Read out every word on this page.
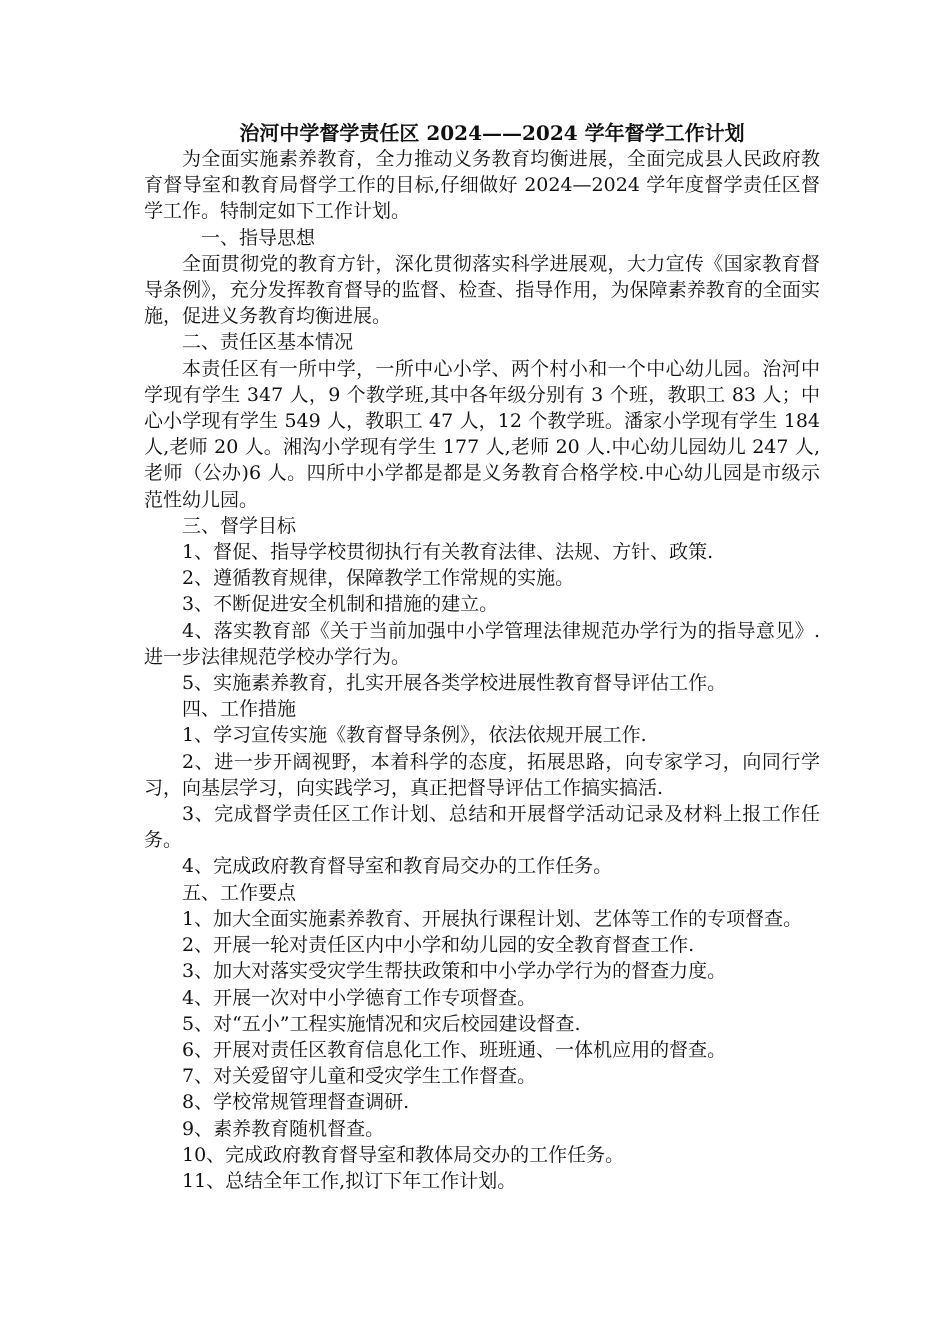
治河中学督学责任区 2024——2024 学年督学工作计划

为全面实施素养教育，全力推动义务教育均衡进展，全面完成县人民政府教育督导室和教育局督学工作的目标,仔细做好 2024—2024 学年度督学责任区督学工作。特制定如下工作计划。

一、指导思想

全面贯彻党的教育方针，深化贯彻落实科学进展观，大力宣传《国家教育督导条例》，充分发挥教育督导的监督、检查、指导作用，为保障素养教育的全面实施，促进义务教育均衡进展。

二、责任区基本情况

本责任区有一所中学，一所中心小学、两个村小和一个中心幼儿园。治河中学现有学生 347 人，9 个教学班,其中各年级分别有 3 个班，教职工 83 人；中心小学现有学生 549 人，教职工 47 人，12 个教学班。潘家小学现有学生 184 人,老师 20 人。湘沟小学现有学生 177 人,老师 20 人.中心幼儿园幼儿 247 人,老师（公办)6 人。四所中小学都是都是义务教育合格学校.中心幼儿园是市级示范性幼儿园。

三、督学目标

1、督促、指导学校贯彻执行有关教育法律、法规、方针、政策.

2、遵循教育规律，保障教学工作常规的实施。

3、不断促进安全机制和措施的建立。

4、落实教育部《关于当前加强中小学管理法律规范办学行为的指导意见》.进一步法律规范学校办学行为。

5、实施素养教育，扎实开展各类学校进展性教育督导评估工作。

四、工作措施

1、学习宣传实施《教育督导条例》，依法依规开展工作.

2、进一步开阔视野，本着科学的态度，拓展思路，向专家学习，向同行学习，向基层学习，向实践学习，真正把督导评估工作搞实搞活.

3、完成督学责任区工作计划、总结和开展督学活动记录及材料上报工作任务。

4、完成政府教育督导室和教育局交办的工作任务。

五、工作要点

1、加大全面实施素养教育、开展执行课程计划、艺体等工作的专项督查。

2、开展一轮对责任区内中小学和幼儿园的安全教育督查工作.

3、加大对落实受灾学生帮扶政策和中小学办学行为的督查力度。

4、开展一次对中小学德育工作专项督查。

5、对“五小”工程实施情况和灾后校园建设督查.

6、开展对责任区教育信息化工作、班班通、一体机应用的督查。

7、对关爱留守儿童和受灾学生工作督查。

8、学校常规管理督查调研.

9、素养教育随机督查。

10、完成政府教育督导室和教体局交办的工作任务。

11、总结全年工作,拟订下年工作计划。
